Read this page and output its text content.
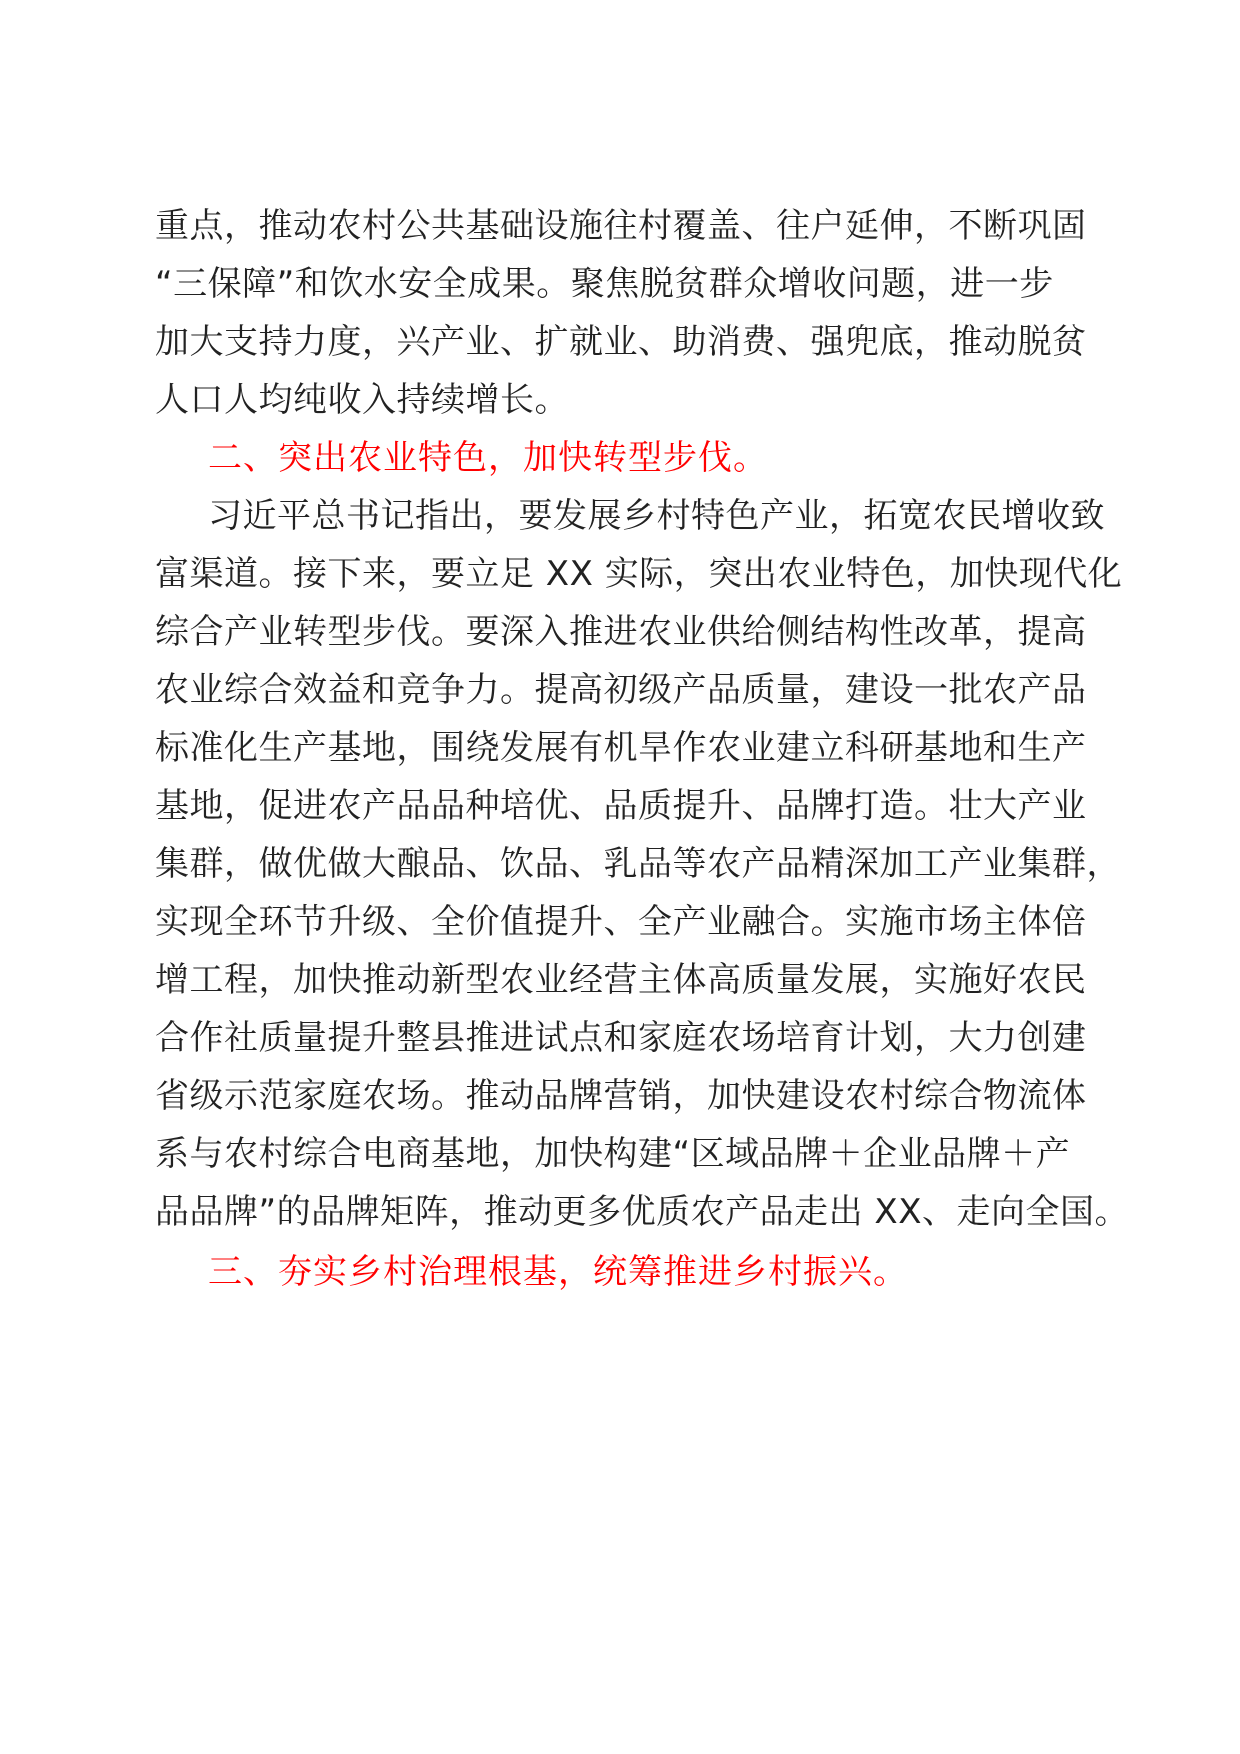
重点，推动农村公共基础设施往村覆盖、往户延伸，不断巩固
“三保障”和饮水安全成果。聚焦脱贫群众增收问题，进一步
加大支持力度，兴产业、扩就业、助消费、强兜底，推动脱贫
人口人均纯收入持续增长。
二、突出农业特色，加快转型步伐。
习近平总书记指出，要发展乡村特色产业，拓宽农民增收致
富渠道。接下来，要立足 XX 实际，突出农业特色，加快现代化
综合产业转型步伐。要深入推进农业供给侧结构性改革，提高
农业综合效益和竞争力。提高初级产品质量，建设一批农产品
标准化生产基地，围绕发展有机旱作农业建立科研基地和生产
基地，促进农产品品种培优、品质提升、品牌打造。壮大产业
集群，做优做大酿品、饮品、乳品等农产品精深加工产业集群，
实现全环节升级、全价值提升、全产业融合。实施市场主体倍
增工程，加快推动新型农业经营主体高质量发展，实施好农民
合作社质量提升整县推进试点和家庭农场培育计划，大力创建
省级示范家庭农场。推动品牌营销，加快建设农村综合物流体
系与农村综合电商基地，加快构建“区域品牌＋企业品牌＋产
品品牌”的品牌矩阵，推动更多优质农产品走出 XX、走向全国。
三、夯实乡村治理根基，统筹推进乡村振兴。
